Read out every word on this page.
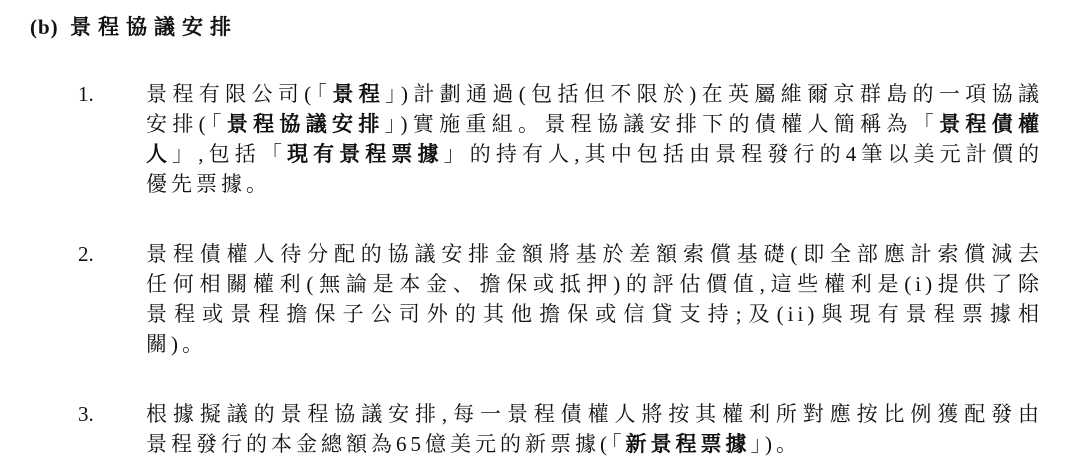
(b) 景程協議安排
1.	景程有限公司(「景程」)計劃通過(包括但不限於)在英屬維爾京群島的一項協議
安排(「景程協議安排」)實施重組。景程協議安排下的債權人簡稱為「景程債權
人」,包括「現有景程票據」的持有人,其中包括由景程發行的4筆以美元計價的
優先票據。
2.	景程債權人待分配的協議安排金額將基於差額索償基礎(即全部應計索償減去
任何相關權利(無論是本金、擔保或抵押)的評估價值,這些權利是(i)提供了除
景程或景程擔保子公司外的其他擔保或信貸支持;及(ii)與現有景程票據相
關)。
3.	根據擬議的景程協議安排,每一景程債權人將按其權利所對應按比例獲配發由
景程發行的本金總額為65億美元的新票據(「新景程票據」)。
